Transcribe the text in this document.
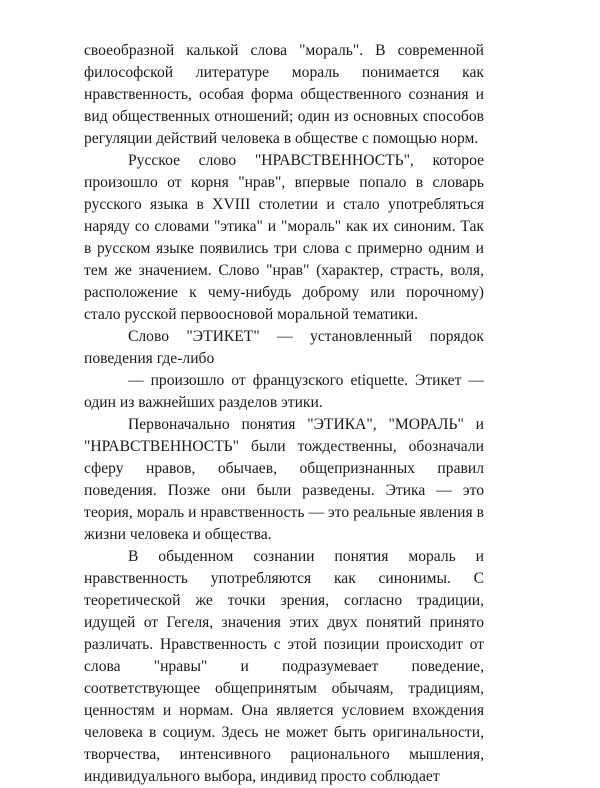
своеобразной калькой слова "мораль". В современной философской литературе мораль понимается как нравственность, особая форма общественного сознания и вид общественных отношений; один из основных способов регуляции действий человека в обществе с помощью норм.

Русское слово "НРАВСТВЕННОСТЬ", которое произошло от корня "нрав", впервые попало в словарь русского языка в XVIII столетии и стало употребляться наряду со словами "этика" и "мораль" как их синоним. Так в русском языке появились три слова с примерно одним и тем же значением. Слово "нрав" (характер, страсть, воля, расположение к чему-нибудь доброму или порочному) стало русской первоосновой моральной тематики.

Слово "ЭТИКЕТ" — установленный порядок поведения где-либо

— произошло от французского etiquette. Этикет — один из важнейших разделов этики.

Первоначально понятия "ЭТИКА", "МОРАЛЬ" и "НРАВСТВЕННОСТЬ" были тождественны, обозначали сферу нравов, обычаев, общепризнанных правил поведения. Позже они были разведены. Этика — это теория, мораль и нравственность — это реальные явления в жизни человека и общества.

В обыденном сознании понятия мораль и нравственность употребляются как синонимы. С теоретической же точки зрения, согласно традиции, идущей от Гегеля, значения этих двух понятий принято различать. Нравственность с этой позиции происходит от слова "нравы" и подразумевает поведение, соответствующее общепринятым обычаям, традициям, ценностям и нормам. Она является условием вхождения человека в социум. Здесь не может быть оригинальности, творчества, интенсивного рационального мышления, индивидуального выбора, индивид просто соблюдает
